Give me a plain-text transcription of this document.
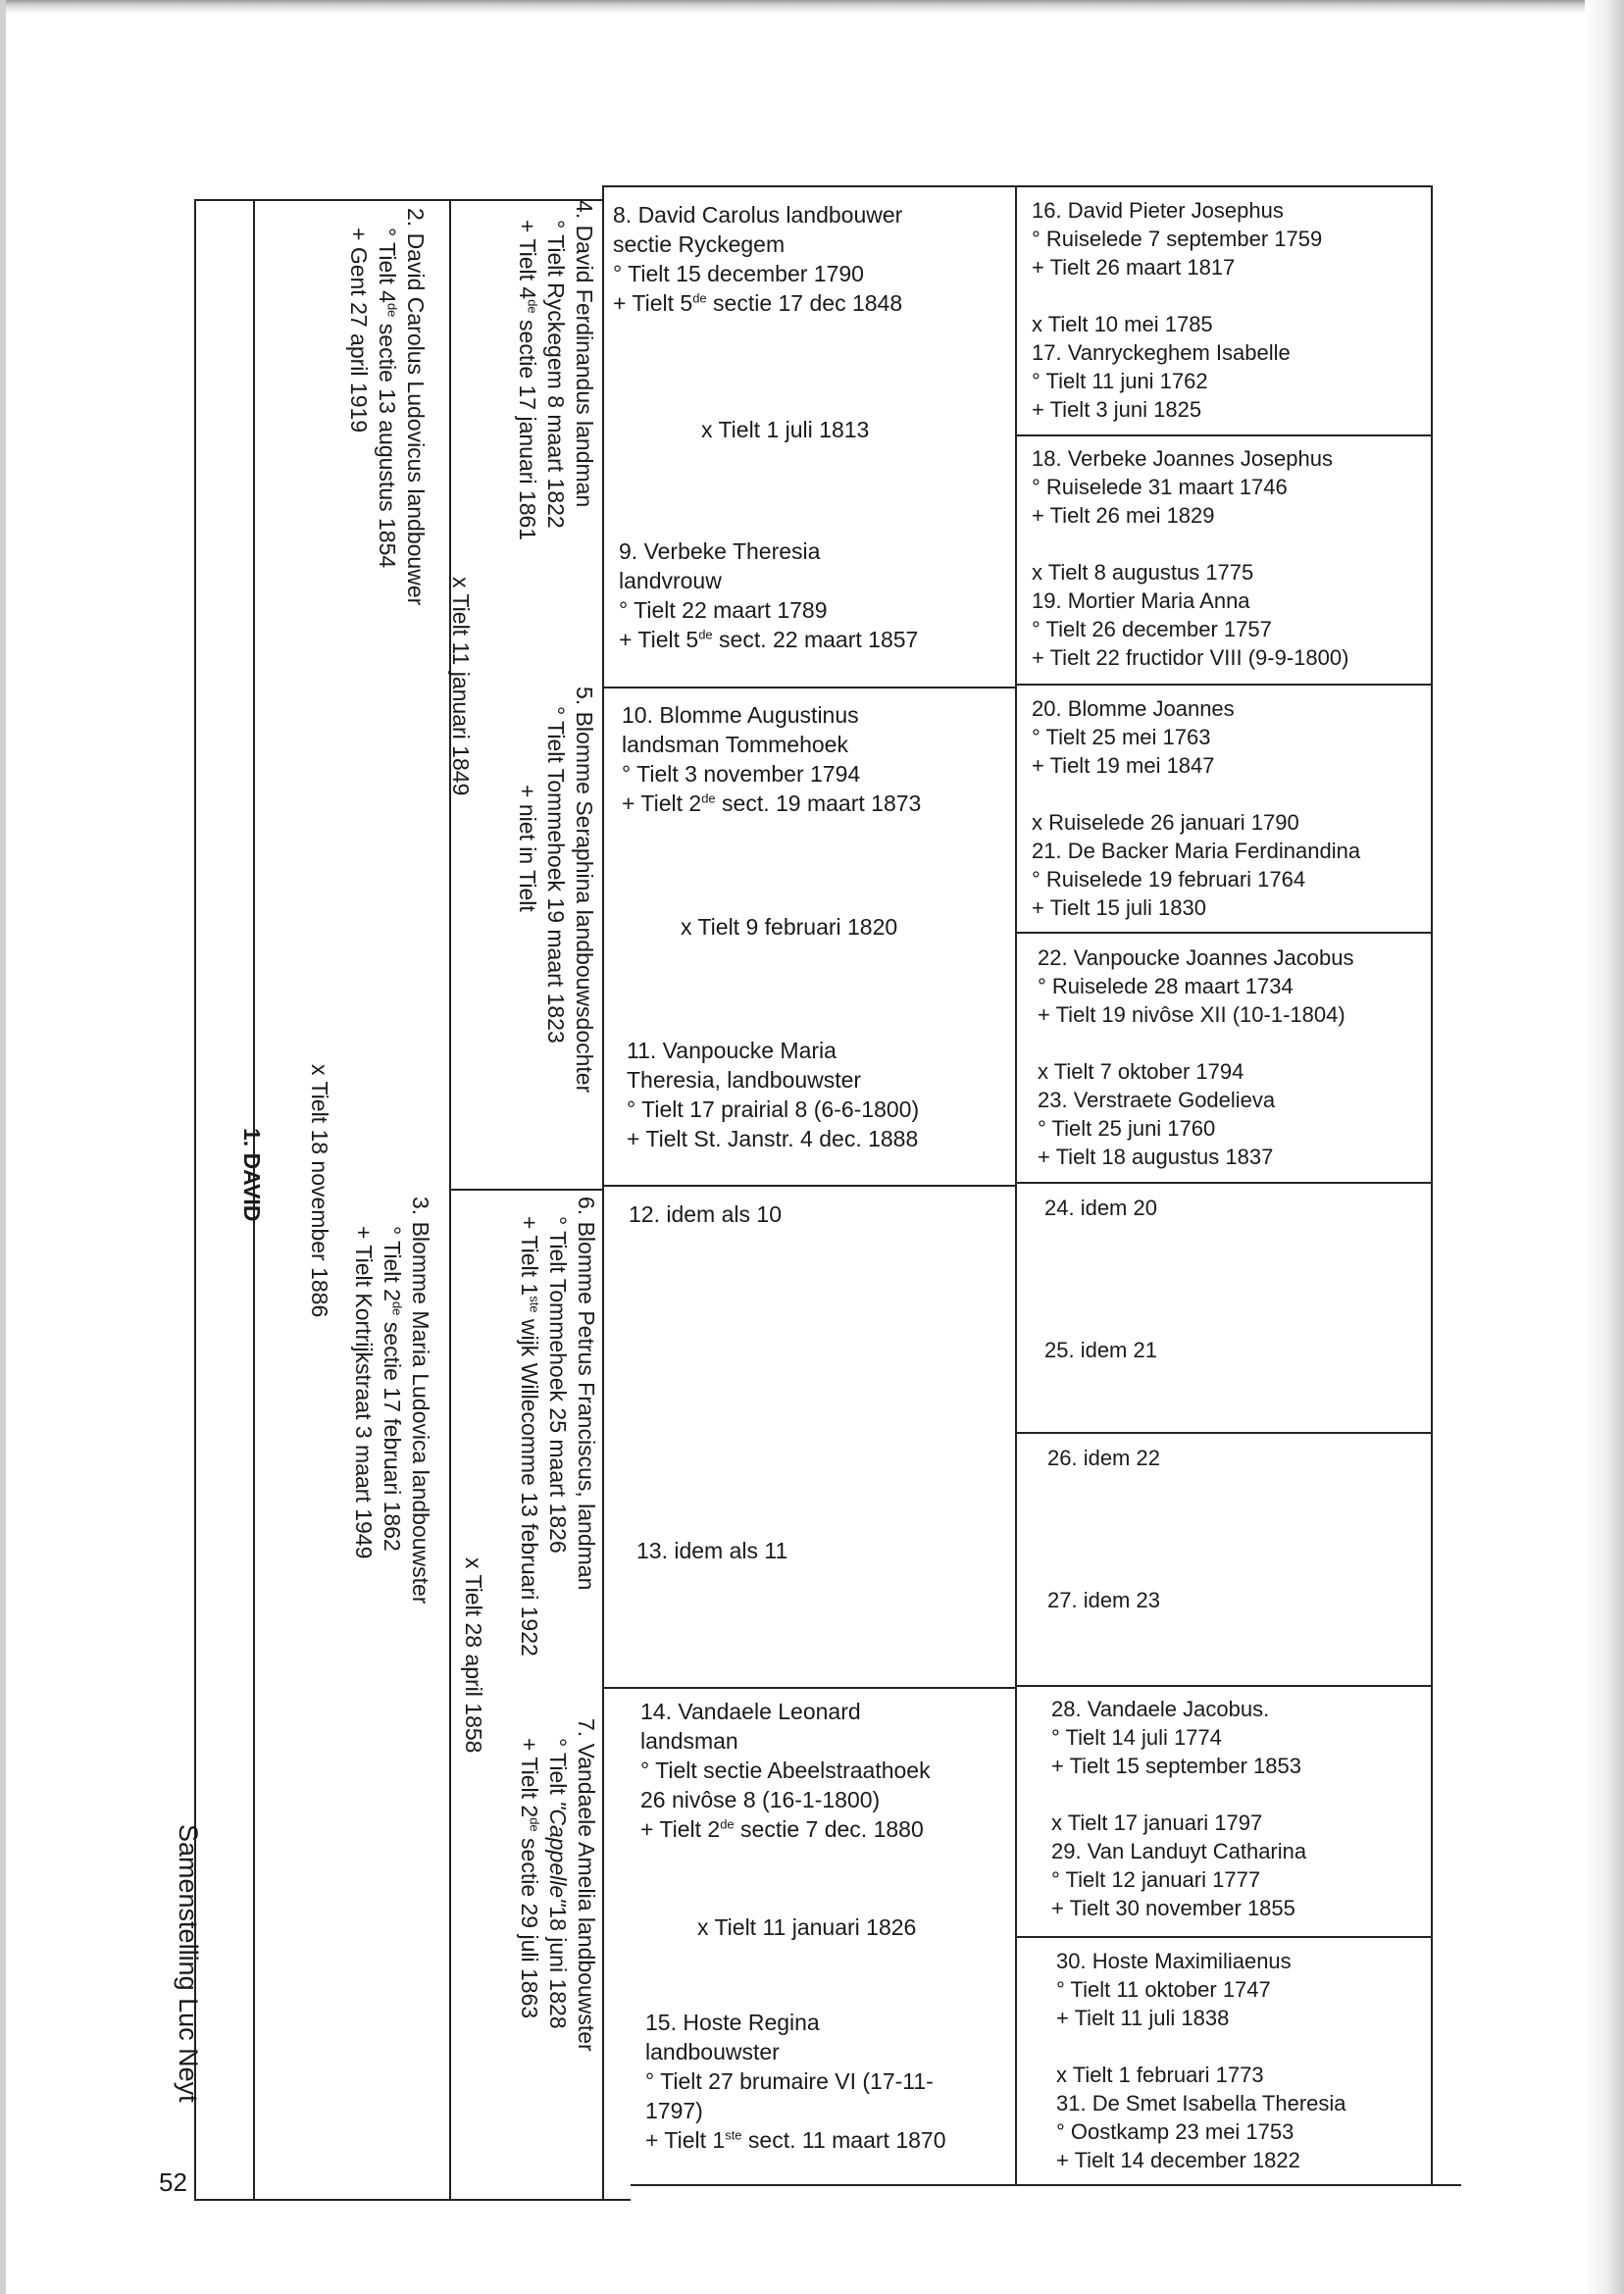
16. David Pieter Josephus
° Ruiselede 7 september 1759
+ Tielt 26 maart 1817

x Tielt 10 mei 1785
17. Vanryckeghem Isabelle
° Tielt 11 juni 1762
+ Tielt 3 juni 1825
18. Verbeke Joannes Josephus
° Ruiselede 31 maart 1746
+ Tielt 26 mei 1829

x Tielt 8 augustus 1775
19. Mortier Maria Anna
° Tielt 26 december 1757
+ Tielt 22 fructidor VIII (9-9-1800)
20. Blomme Joannes
° Tielt 25 mei 1763
+ Tielt 19 mei 1847

x Ruiselede 26 januari 1790
21. De Backer Maria Ferdinandina
° Ruiselede 19 februari 1764
+ Tielt 15 juli 1830
22. Vanpoucke Joannes Jacobus
° Ruiselede 28 maart 1734
+ Tielt 19 nivôse XII (10-1-1804)

x Tielt 7 oktober 1794
23. Verstraete Godelieva
° Tielt 25 juni 1760
+ Tielt 18 augustus 1837
24. idem 20

25. idem 21
26. idem 22

27. idem 23
28. Vandaele Jacobus.
° Tielt 14 juli 1774
+ Tielt 15 september 1853

x Tielt 17 januari 1797
29. Van Landuyt Catharina
° Tielt 12 januari 1777
+ Tielt 30 november 1855
30. Hoste Maximiliaenus
° Tielt 11 oktober 1747
+ Tielt 11 juli 1838

x Tielt 1 februari 1773
31. De Smet Isabella Theresia
° Oostkamp 23 mei 1753
+ Tielt 14 december 1822
8. David Carolus landbouwer
sectie Ryckegem
° Tielt 15 december 1790
+ Tielt 5de sectie 17 dec 1848
x Tielt 1 juli 1813
9. Verbeke Theresia
landvrouw
° Tielt 22 maart 1789
+ Tielt 5de sect. 22 maart 1857
10. Blomme Augustinus
landsman Tommehoek
° Tielt 3 november 1794
+ Tielt 2de sect. 19 maart 1873
x Tielt 9 februari 1820
11. Vanpoucke Maria
Theresia, landbouwster
° Tielt 17 prairial 8 (6-6-1800)
+ Tielt St. Janstr. 4 dec. 1888
12. idem als 10
13. idem als 11
14. Vandaele Leonard
landsman
° Tielt sectie Abeelstraathoek
26 nivôse 8 (16-1-1800)
+ Tielt 2de sectie 7 dec. 1880
x Tielt 11 januari 1826
15. Hoste Regina
landbouwster
° Tielt 27 brumaire VI (17-11-
1797)
+ Tielt 1ste sect. 11 maart 1870
4. David Ferdinandus landman
° Tielt Ryckegem 8 maart 1822
+ Tielt 4de sectie 17 januari 1861
x Tielt 11 januari 1849
5. Blomme Seraphina landbouwsdochter
° Tielt Tommehoek 19 maart 1823
+ niet in Tielt
6. Blomme Petrus Franciscus, landman
° Tielt Tommehoek 25 maart 1826
+ Tielt 1ste wijk Willecomme 13 februari 1922
7. Vandaele Amelia landbouwster
° Tielt "Cappelle"18 juni 1828
+ Tielt 2de sectie 29 juli 1863
x Tielt 28 april 1858
2. David Carolus Ludovicus landbouwer
° Tielt 4de sectie 13 augustus 1854
+ Gent 27 april 1919
3. Blomme Maria Ludovica landbouwster
° Tielt 2de sectie 17 februari 1862
+ Tielt Kortrijkstraat 3 maart 1949
x Tielt 18 november 1886
1. DAVID
Samenstelling Luc Neyt
52
